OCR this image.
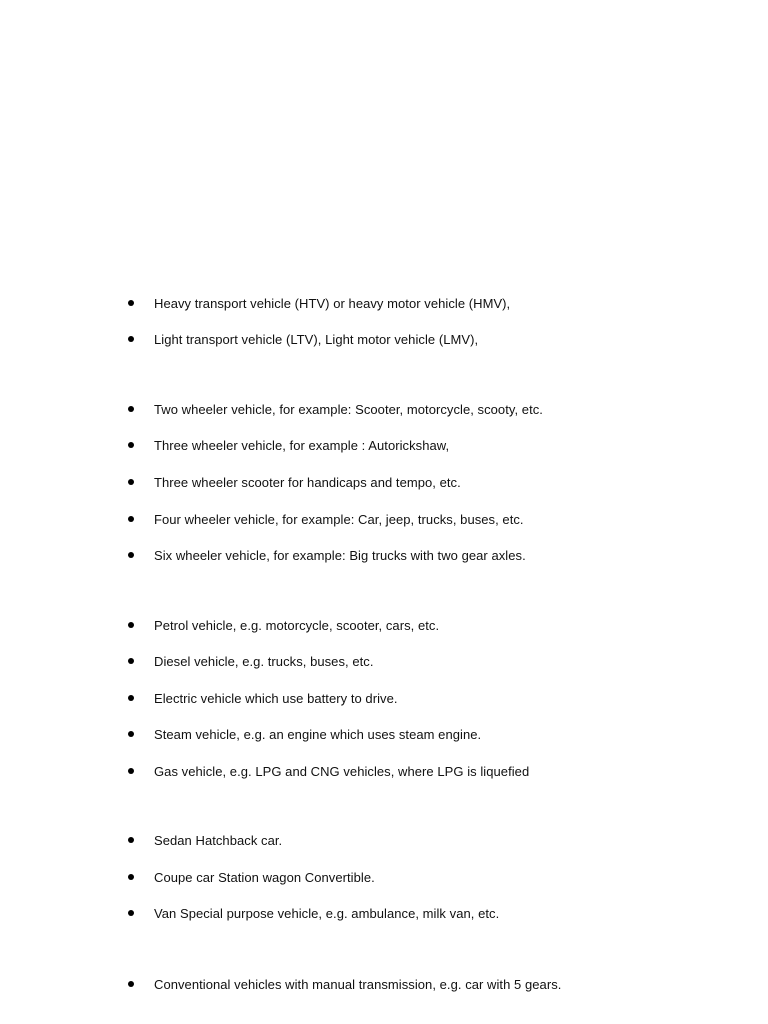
Heavy transport vehicle (HTV) or heavy motor vehicle (HMV),
Light transport vehicle (LTV), Light motor vehicle (LMV),
Two wheeler vehicle, for example: Scooter, motorcycle, scooty, etc.
Three wheeler vehicle, for example : Autorickshaw,
Three wheeler scooter for handicaps and tempo, etc.
Four wheeler vehicle, for example: Car, jeep, trucks, buses, etc.
Six wheeler vehicle, for example: Big trucks with two gear axles.
Petrol vehicle, e.g. motorcycle, scooter, cars, etc.
Diesel vehicle, e.g. trucks, buses, etc.
Electric vehicle which use battery to drive.
Steam vehicle, e.g. an engine which uses steam engine.
Gas vehicle, e.g. LPG and CNG vehicles, where LPG is liquefied
Sedan Hatchback car.
Coupe car Station wagon Convertible.
Van Special purpose vehicle, e.g. ambulance, milk van, etc.
Conventional vehicles with manual transmission, e.g. car with 5 gears.
